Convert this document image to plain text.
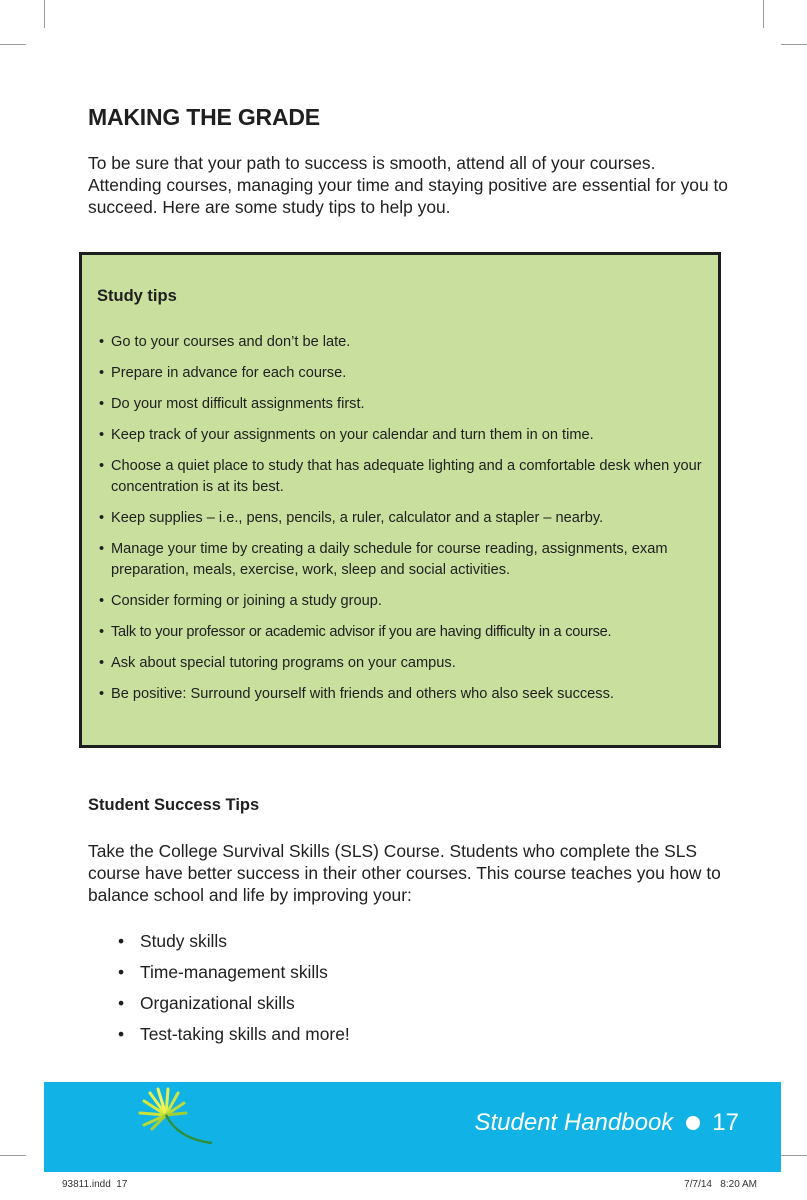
MAKING THE GRADE

To be sure that your path to success is smooth, attend all of your courses. Attending courses, managing your time and staying positive are essential for you to succeed. Here are some study tips to help you.

Study tips
• Go to your courses and don’t be late.
• Prepare in advance for each course.
• Do your most difficult assignments first.
• Keep track of your assignments on your calendar and turn them in on time.
• Choose a quiet place to study that has adequate lighting and a comfortable desk when your concentration is at its best.
• Keep supplies – i.e., pens, pencils, a ruler, calculator and a stapler – nearby.
• Manage your time by creating a daily schedule for course reading, assignments, exam preparation, meals, exercise, work, sleep and social activities.
• Consider forming or joining a study group.
• Talk to your professor or academic advisor if you are having difficulty in a course.
• Ask about special tutoring programs on your campus.
• Be positive: Surround yourself with friends and others who also seek success.
Student Success Tips

Take the College Survival Skills (SLS) Course. Students who complete the SLS course have better success in their other courses. This course teaches you how to balance school and life by improving your:

• Study skills
• Time-management skills
• Organizational skills
• Test-taking skills and more!
Student Handbook 17
93811.indd  17	7/7/14   8:20 AM
